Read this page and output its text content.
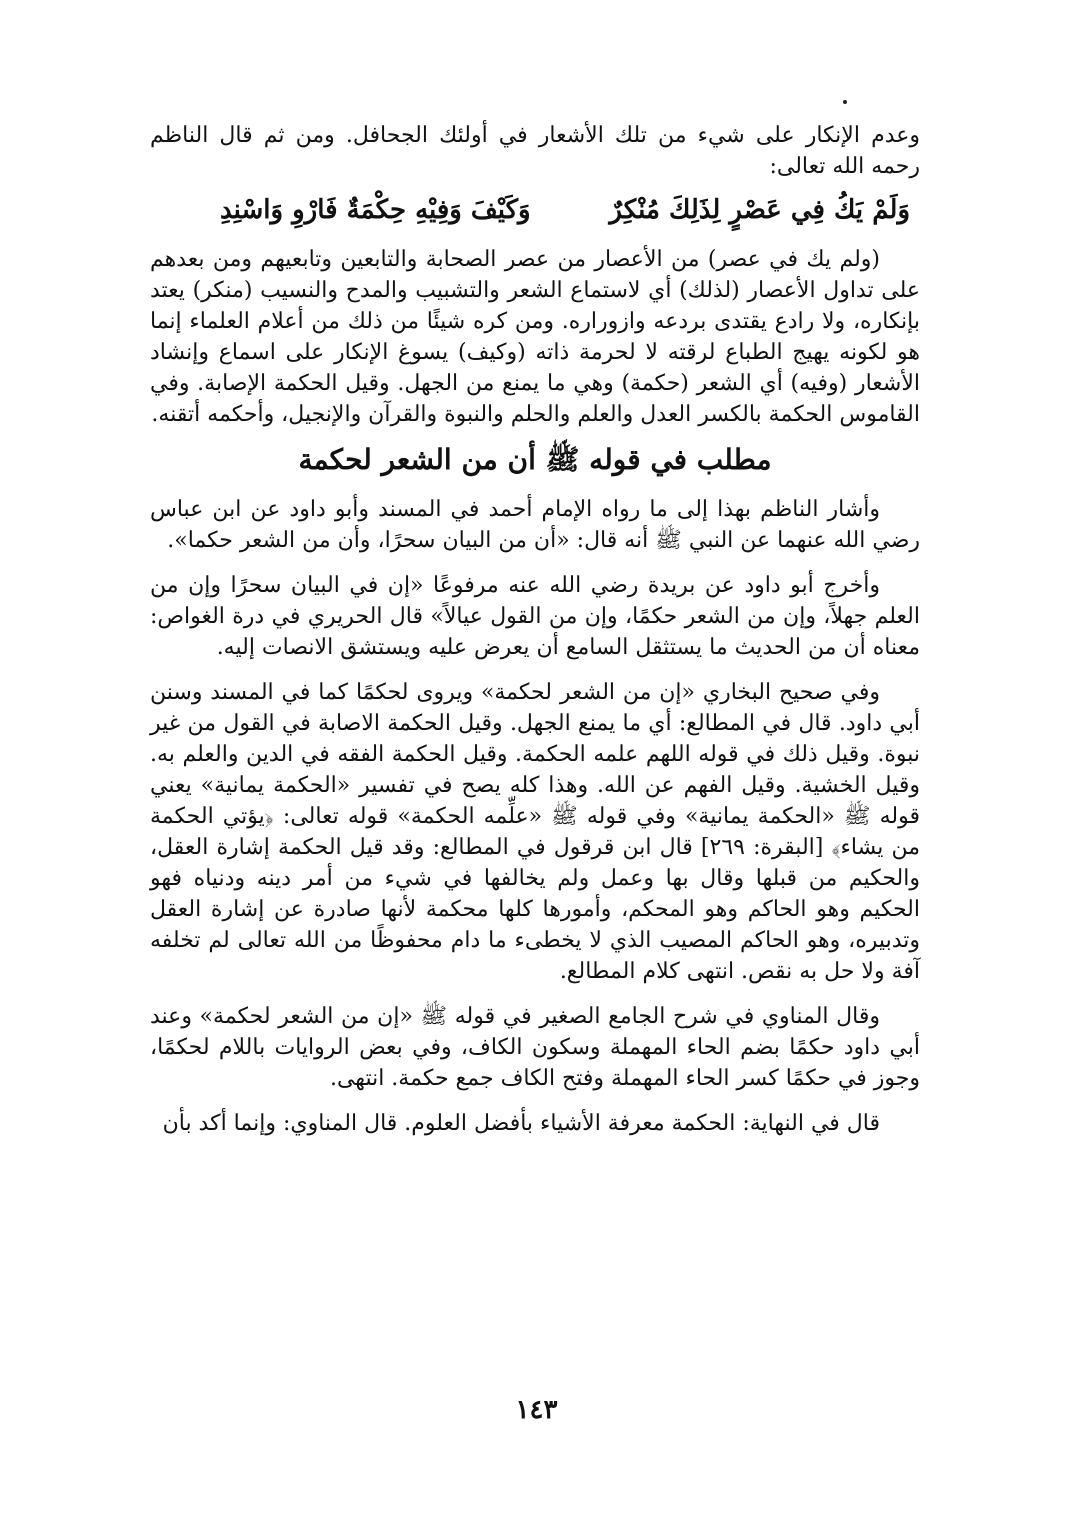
وعدم الإنكار على شيء من تلك الأشعار في أولئك الجحافل. ومن ثم قال الناظم رحمه الله تعالى:

وَلَمْ يَكُ فِي عَصْرٍ لِذَلِكَ مُنْكِرٌ
وَكَيْفَ وَفِيْهِ حِكْمَةٌ فَارْوِ وَاسْنِدِ

(ولم يك في عصر) من الأعصار من عصر الصحابة والتابعين وتابعيهم ومن بعدهم على تداول الأعصار (لذلك) أي لاستماع الشعر والتشبيب والمدح والنسيب (منكر) يعتد بإنكاره، ولا رادع يقتدى بردعه وازوراره. ومن كره شيئًا من ذلك من أعلام العلماء إنما هو لكونه يهيج الطباع لرقته لا لحرمة ذاته (وكيف) يسوغ الإنكار على اسماع وإنشاد الأشعار (وفيه) أي الشعر (حكمة) وهي ما يمنع من الجهل. وقيل الحكمة الإصابة. وفي القاموس الحكمة بالكسر العدل والعلم والحلم والنبوة والقرآن والإنجيل، وأحكمه أتقنه.

مطلب في قوله ﷺ أن من الشعر لحكمة

وأشار الناظم بهذا إلى ما رواه الإمام أحمد في المسند وأبو داود عن ابن عباس رضي الله عنهما عن النبي ﷺ أنه قال: «أن من البيان سحرًا، وأن من الشعر حكما».

وأخرج أبو داود عن بريدة رضي الله عنه مرفوعًا «إن في البيان سحرًا وإن من العلم جهلاً، وإن من الشعر حكمًا، وإن من القول عيالاً» قال الحريري في درة الغواص: معناه أن من الحديث ما يستثقل السامع أن يعرض عليه ويستشق الانصات إليه.

وفي صحيح البخاري «إن من الشعر لحكمة» ويروى لحكمًا كما في المسند وسنن أبي داود. قال في المطالع: أي ما يمنع الجهل. وقيل الحكمة الاصابة في القول من غير نبوة. وقيل ذلك في قوله اللهم علمه الحكمة. وقيل الحكمة الفقه في الدين والعلم به. وقيل الخشية. وقيل الفهم عن الله. وهذا كله يصح في تفسير «الحكمة يمانية» يعني قوله ﷺ «الحكمة يمانية» وفي قوله ﷺ «علِّمه الحكمة» قوله تعالى: ﴿يؤتي الحكمة من يشاء﴾ [البقرة: ٢٦٩] قال ابن قرقول في المطالع: وقد قيل الحكمة إشارة العقل، والحكيم من قبلها وقال بها وعمل ولم يخالفها في شيء من أمر دينه ودنياه فهو الحكيم وهو الحاكم وهو المحكم، وأمورها كلها محكمة لأنها صادرة عن إشارة العقل وتدبيره، وهو الحاكم المصيب الذي لا يخطىء ما دام محفوظًا من الله تعالى لم تخلفه آفة ولا حل به نقص. انتهى كلام المطالع.

وقال المناوي في شرح الجامع الصغير في قوله ﷺ «إن من الشعر لحكمة» وعند أبي داود حكمًا بضم الحاء المهملة وسكون الكاف، وفي بعض الروايات باللام لحكمًا، وجوز في حكمًا كسر الحاء المهملة وفتح الكاف جمع حكمة. انتهى.

قال في النهاية: الحكمة معرفة الأشياء بأفضل العلوم. قال المناوي: وإنما أكد بأن

١٤٣
